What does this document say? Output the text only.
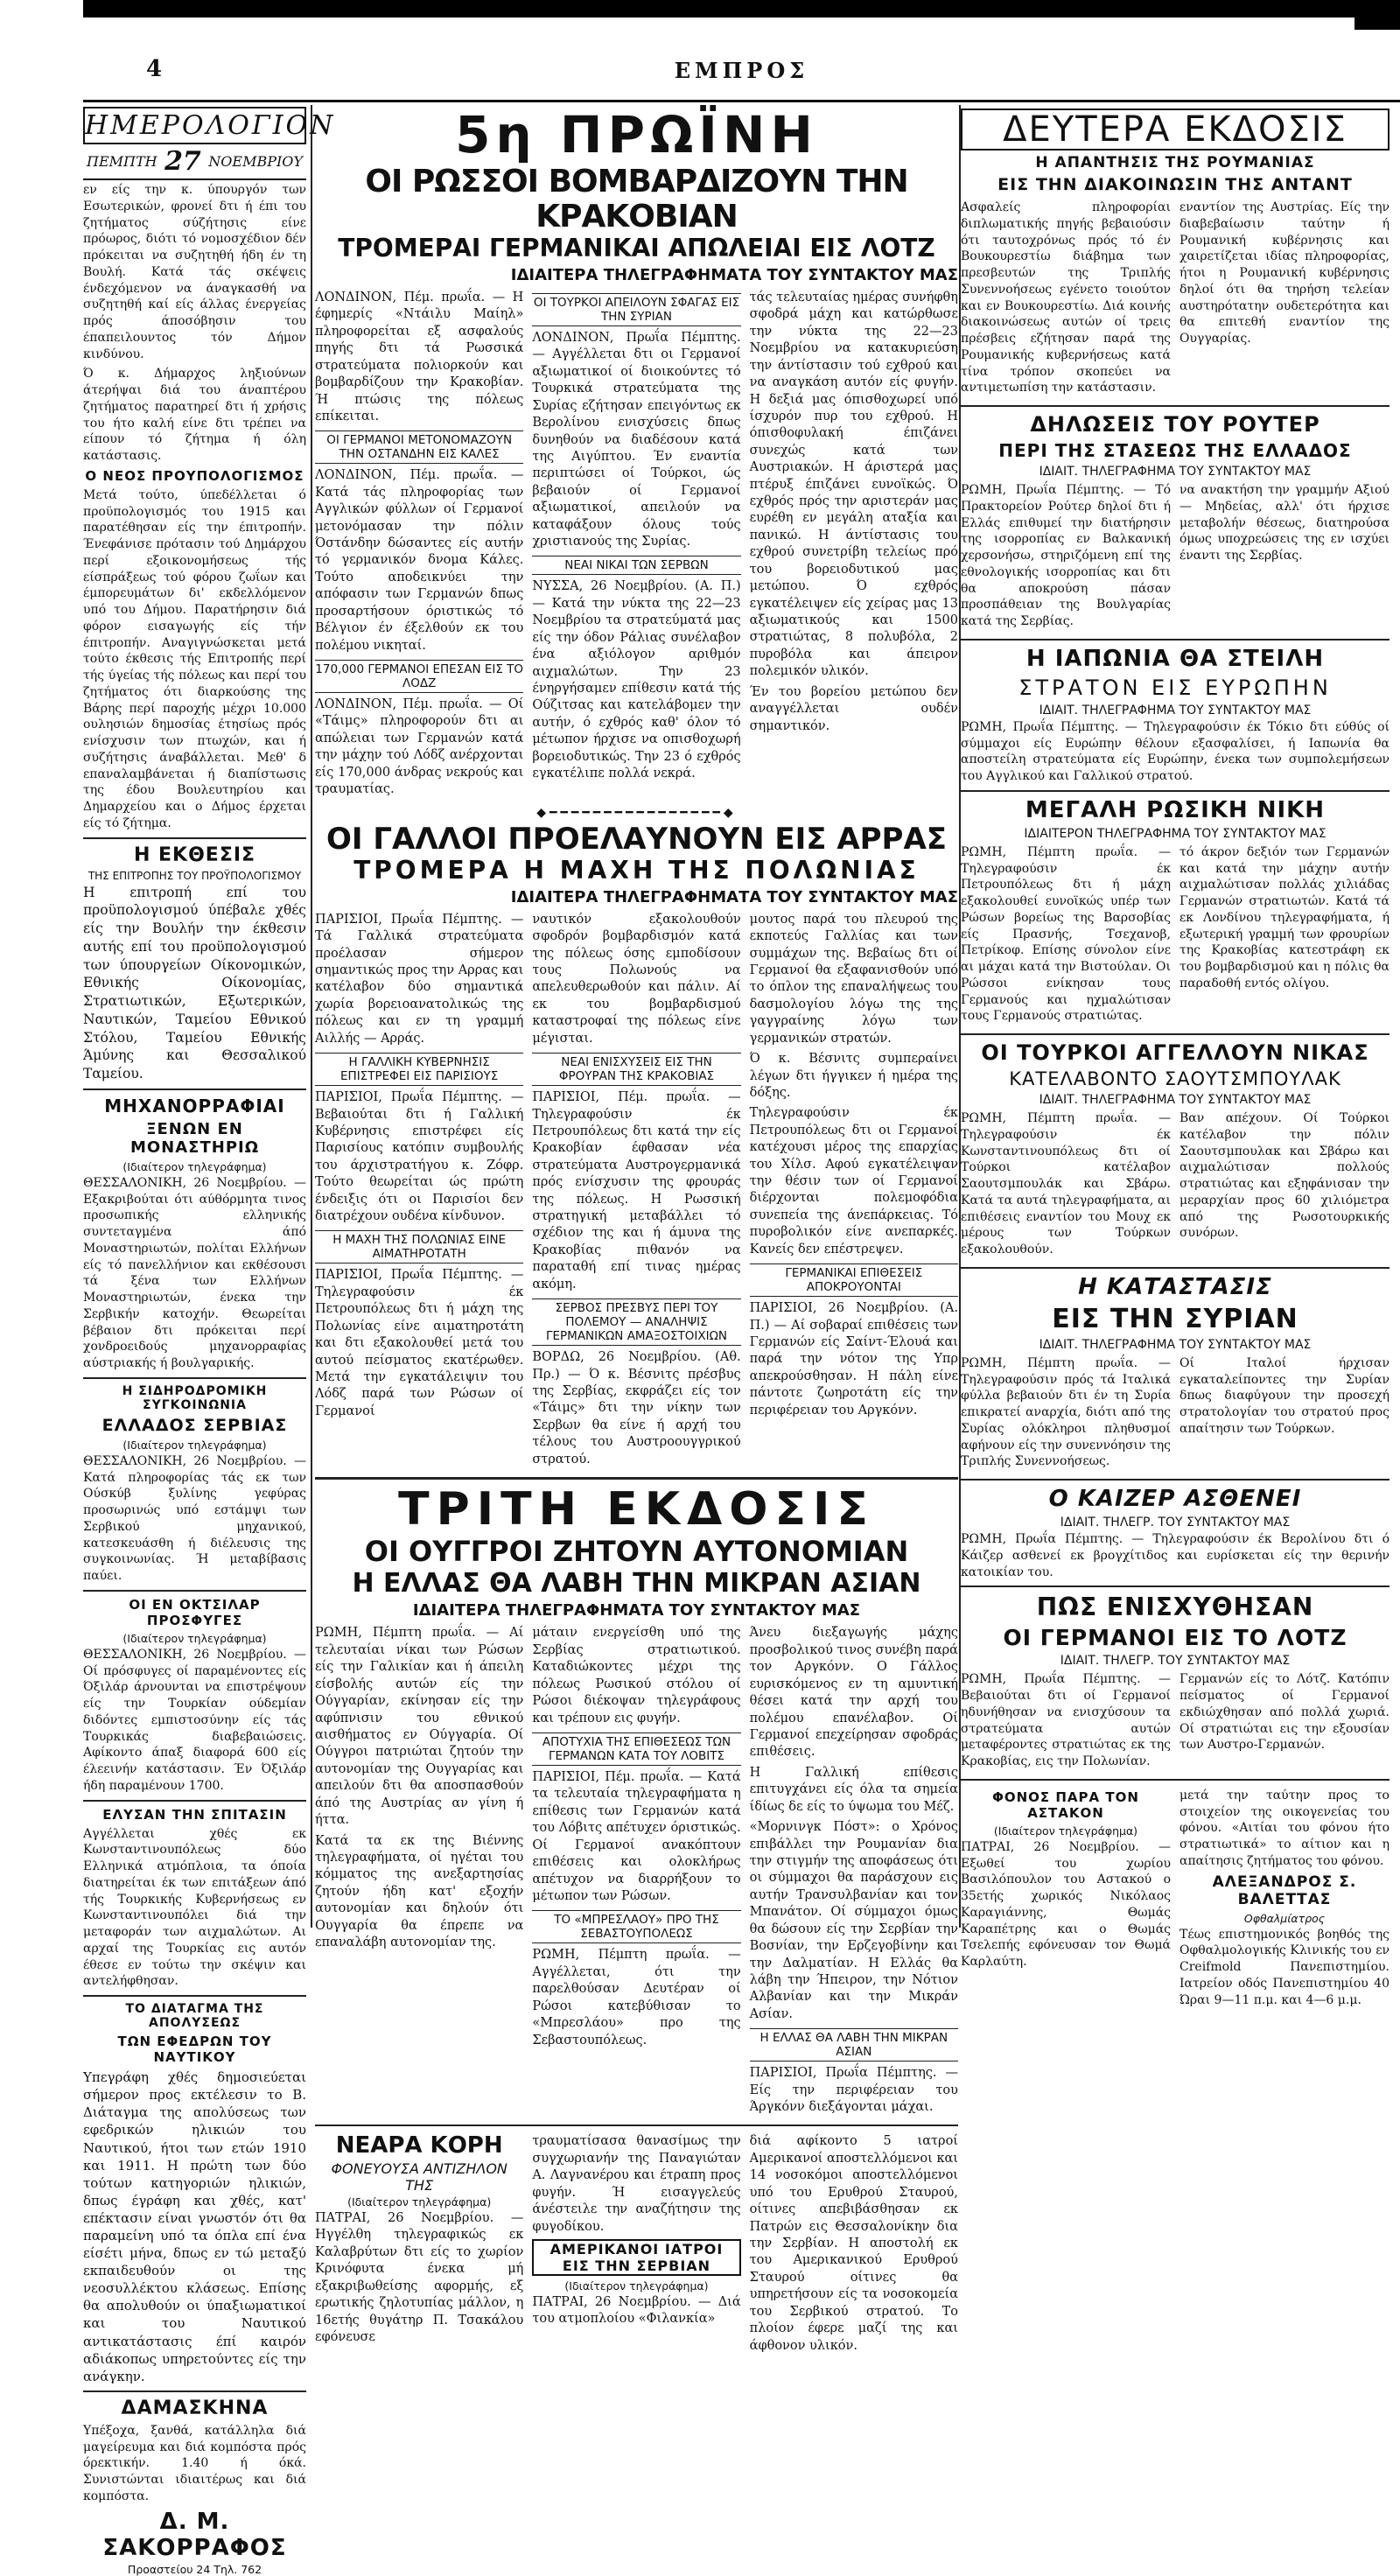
4	ΕΜΠΡΟΣ
ΗΜΕΡΟΛΟΓΙΟΝ
ΠΕΜΠΤΗ 27 ΝΟΕΜΒΡΙΟΥ

εν είς την κ. ύπουργόν των Εσωτερικών, φρονεί δτι ή έπι του ζητήματος σύζήτησις είνε πρόωρος, διότι τό νομοσχέδιον δέν πρόκειται να συζητηθή ήδη έν τη Βουλή. Κατά τάς σκέψεις ένδεχόμενον να άναγκασθή να συζητηθή καί είς άλλας ένεργείας πρός άποσόβησιν του έπαπειλουντος τόν Δήμον κινδύνου.

Ό κ. Δήμαρχος ληξιούνων άτερήψαι διά του άναπτέρου ζητήματος παρατηρεί δτι ή χρήσις του ήτο καλή είνε δτι τρέπει να είπουν τό ζήτημα ή όλη κατάστασις.

Ο ΝΕΟΣ ΠΡΟΥΠΟΛΟΓΙΣΜΟΣ

Μετά τούτο, ύπεδέλλεται ό προϋπολογισμός του 1915 και παρατέθησαν είς την έπιτροπήν. Ένεφάνισε πρότασιν τού Δημάρχου περί εξοικονομήσεως τής είσπράξεως τού φόρου ζωΐων και έμπορευμάτων δι' εκδελλόμενον υπό του Δήμου. Παρατήρησιν διά φόρον εισαγωγής είς τήν έπιτροπήν. Αναγιγνώσκεται μετά τούτο έκθεσις τής Επιτροπής περί τής ύγείας τής πόλεως και περί του ζητήματος ότι διαρκούσης της Βάρης περί παροχής μέχρι 10.000 ουλησιών δημοσίας έτησίως πρός ενίσχυσιν των πτωχών, και ή συζήτησις άναβάλλεται. Μεθ' δ επαναλαμβάνεται ή διαπίστωσις της έδου Βουλευτηρίου και Δημαρχείου και ο Δήμος έρχεται είς τό ζήτημα.

Η ΕΚΘΕΣΙΣ
ΤΗΣ ΕΠΙΤΡΟΠΗΣ ΤΟΥ ΠΡΟΫΠΟΛΟΓΙΣΜΟΥ

Η επιτροπή επί του προϋπολογισμού ύπέβαλε χθές είς την Βουλήν την έκθεσιν αυτής επί του προϋπολογισμού των ύπουργείων Οίκονομικών, Εθνικής Οίκονομίας, Στρατιωτικών, Εξωτερικών, Ναυτικών, Ταμείου Εθνικού Στόλου, Ταμείου Εθνικής Άμύνης και Θεσσαλικού Ταμείου.

ΜΗΧΑΝΟΡΡΑΦΙΑΙ
ΞΕΝΩΝ ΕΝ ΜΟΝΑΣΤΗΡΙΩ
(Ιδιαίτερον τηλεγράφημα)

ΘΕΣΣΑΛΟΝΙΚΗ, 26 Νοεμβρίου. — Εξακριβούται ότι αύθόρμητα τινος προσωπικής ελληνικής συντεταγμένα άπό Μοναστηριωτών, πολίται Ελλήνων είς τό πανελλήνιον και εκθέσουσι τά ξένα των Ελλήνων Μοναστηριωτών, ένεκα την Σερβικήν κατοχήν. Θεωρείται βέβαιον δτι πρόκειται περί χονδροειδούς μηχανορραφίας αύστριακής ή βουλγαρικής.

Η ΣΙΔΗΡΟΔΡΟΜΙΚΗ ΣΥΓΚΟΙΝΩΝΙΑ
ΕΛΛΑΔΟΣ ΣΕΡΒΙΑΣ
(Ιδιαίτερον τηλεγράφημα)

ΘΕΣΣΑΛΟΝΙΚΗ, 26 Νοεμβρίου. — Κατά πληροφορίας τάς εκ των Ούσκύβ ξυλίνης γεφύρας προσωρινώς υπό εστάμψι των Σερβικού μηχανικού, κατεσκευάσθη ή διέλευσις της συγκοινωνίας. Ή μεταβίβασις παύει.

ΟΙ ΕΝ ΟΚΤΣΙΛΑΡ ΠΡΟΣΦΥΓΕΣ
(Ιδιαίτερον τηλεγράφημα)

ΘΕΣΣΑΛΟΝΙΚΗ, 26 Νοεμβρίου. — Οί πρόσφυγες οί παραμένοντες είς Όξιλάρ άρνουνται να επιστρέψουν είς την Τουρκίαν ούδεμίαν διδόντες εμπιστοσύνην είς τάς Τουρκικάς διαβεβαιώσεις. Αφίκοντο άπαξ διαφορά 600 είς έλεεινήν κατάστασιν. Έν Όξιλάρ ήδη παραμένουν 1700.

ΕΛΥΣΑΝ ΤΗΝ ΣΠΙΤΑΣΙΝ

Αγγέλλεται χθές εκ Κωνσταντινουπόλεως δύο Ελληνικά ατμόπλοια, τα όποία διατηρείται έκ των επιτάξεων άπό τής Τουρκικής Κυβερνήσεως εν Κωνσταντινουπόλει διά την μεταφοράν των αιχμαλώτων. Αι αρχαί της Τουρκίας εις αυτόν έθεσε εν τούτω την σκέψιν και αντελήφθησαν.

ΤΟ ΔΙΑΤΑΓΜΑ ΤΗΣ ΑΠΟΛΥΣΕΩΣ
ΤΩΝ ΕΦΕΔΡΩΝ ΤΟΥ ΝΑΥΤΙΚΟΥ

Υπεγράφη χθές δημοσιεύεται σήμερον προς εκτέλεσιν το Β. Διάταγμα της απολύσεως των εφεδρικών ηλικιών του Ναυτικού, ήτοι των ετών 1910 και 1911. Η πρώτη των δύο τούτων κατηγοριών ηλικιών, δπως έγράφη και χθές, κατ' επέκτασιν είναι γνωστόν ότι θα παραμείνη υπό τα όπλα επί ένα είσέτι μήνα, δπως εν τώ μεταξύ εκπαιδευθούν οι της νεοσυλλέκτου κλάσεως. Επίσης θα απολυθούν οι ύπαξιωματικοί και του Ναυτικού αντικατάστασις έπί καιρόν αδιάκοπως υπηρετούντες είς την ανάγκην.

ΔΑΜΑΣΚΗΝΑ

Υπέξοχα, ξανθά, κατάλληλα διά μαγείρευμα και διά κομπόστα πρός όρεκτικήν. 1.40 ή όκά. Συνιστώνται ιδιαιτέρως και διά κομπόστα.

Δ. Μ. ΣΑΚΟΡΡΑΦΟΣ
Προαστείου 24 Τηλ. 762
5η ΠΡΩΪΝΗ
ΟΙ ΡΩΣΣΟΙ ΒΟΜΒΑΡΔΙΖΟΥΝ ΤΗΝ ΚΡΑΚΟΒΙΑΝ
ΤΡΟΜΕΡΑΙ ΓΕΡΜΑΝΙΚΑΙ ΑΠΩΛΕΙΑΙ ΕΙΣ ΛΟΤΖ
ΙΔΙΑΙΤΕΡΑ ΤΗΛΕΓΡΑΦΗΜΑΤΑ ΤΟΥ ΣΥΝΤΑΚΤΟΥ ΜΑΣ

ΛΟΝΔΙΝΟΝ, Πέμ. πρωΐα. — Η έφημερίς «Ντάιλυ Μαίηλ» πληροφορείται εξ ασφαλούς πηγής δτι τά Ρωσσικά στρατεύματα πολιορκούν και βομβαρδίζουν την Κρακοβίαν. Ή πτώσις της πόλεως επίκειται.

ΟΙ ΓΕΡΜΑΝΟΙ ΜΕΤΟΝΟΜΑΖΟΥΝ ΤΗΝ ΟΣΤΑΝΔΗΝ ΕΙΣ ΚΑΛΕΣ

ΛΟΝΔΙΝΟΝ, Πέμ. πρωΐα. — Κατά τάς πληροφορίας των Αγγλικών φύλλων οί Γερμανοί μετονόμασαν την πόλιν Όστάνδην δώσαντες είς αυτήν τό γερμανικόν δνομα Κάλες. Τούτο αποδεικνύει την απόφασιν των Γερμανών δπως προσαρτήσουν όριστικώς τό Βέλγιον έν έξελθούν εκ του πολέμου νικηταί.

170,000 ΓΕΡΜΑΝΟΙ ΕΠΕΣΑΝ ΕΙΣ ΤΟ ΛΟΔΖ

ΛΟΝΔΙΝΟΝ, Πέμ. πρωΐα. — Οί «Τάιμς» πληροφορούν δτι αι απώλειαι των Γερμανών κατά την μάχην τού Λόδζ ανέρχονται είς 170,000 άνδρας νεκρούς και τραυματίας.

ΟΙ ΤΟΥΡΚΟΙ ΑΠΕΙΛΟΥΝ ΣΦΑΓΑΣ ΕΙΣ ΤΗΝ ΣΥΡΙΑΝ

ΛΟΝΔΙΝΟΝ, Πρωΐα Πέμπτης. — Αγγέλλεται δτι οι Γερμανοί αξιωματικοί οί διοικούντες τό Τουρκικά στρατεύματα της Συρίας εζήτησαν επειγόντως εκ Βερολίνου ενισχύσεις δπως δυνηθούν να διαδέσουν κατά της Αιγύπτου. Έν εναντία περιπτώσει οί Τούρκοι, ώς βεβαιούν οί Γερμανοί αξιωματικοί, απειλούν να καταφάξουν όλους τούς χριστιανούς της Συρίας.

ΝΕΑΙ ΝΙΚΑΙ ΤΩΝ ΣΕΡΒΩΝ

ΝΥΣΣΑ, 26 Νοεμβρίου. (Α. Π.) — Κατά την νύκτα της 22—23 Νοεμβρίου τα στρατεύματά μας είς την όδον Ράλιας συνέλαβον ένα αξιόλογον αριθμόν αιχμαλώτων. Την 23 ένηργήσαμεν επίθεσιν κατά τής Ούζιτσας και κατελάβομεν την αυτήν, ό εχθρός καθ' όλον τό μέτωπον ήρχισε να οπισθοχωρή βορειοδυτικώς. Την 23 ό εχθρός εγκατέλιπε πολλά νεκρά.

τάς τελευταίας ημέρας συνήφθη σφοδρά μάχη και κατώρθωσε την νύκτα της 22—23 Νοεμβρίου να κατακυριεύση την άντίστασιν τού εχθρού και να αναγκάση αυτόν είς φυγήν. Η δεξιά μας όπισθοχωρεί υπό ίσχυρόν πυρ του εχθρού. Η όπισθοφυλακή έπιζάνει συνεχώς κατά των Αυστριακών. Η άριστερά μας πτέρυξ έπιζάνει ευνοϊκώς. Ό εχθρός πρός την αριστεράν μας ευρέθη εν μεγάλη αταξία και πανικώ. Η άντίστασις του εχθρού συνετρίβη τελείως πρό του βορειοδυτικού μας μετώπου. Ό εχθρός εγκατέλειψεν είς χείρας μας 13 αξιωματικούς και 1500 στρατιώτας, 8 πολυβόλα, 2 πυροβόλα και άπειρον πολεμικόν υλικόν.

Έν του βορείου μετώπου δεν αναγγέλλεται ουδέν σημαντικόν.

◆━━━━━━━━━━━━━━━━◆
ΟΙ ΓΑΛΛΟΙ ΠΡΟΕΛΑΥΝΟΥΝ ΕΙΣ ΑΡΡΑΣ
ΤΡΟΜΕΡΑ Η ΜΑΧΗ ΤΗΣ ΠΟΛΩΝΙΑΣ
ΙΔΙΑΙΤΕΡΑ ΤΗΛΕΓΡΑΦΗΜΑΤΑ ΤΟΥ ΣΥΝΤΑΚΤΟΥ ΜΑΣ

ΠΑΡΙΣΙΟΙ, Πρωΐα Πέμπτης. — Τά Γαλλικά στρατεύματα προέλασαν σήμερον σημαντικώς προς την Αρρας και κατέλαβον δύο σημαντικά χωρία βορειοανατολικώς της πόλεως και εν τη γραμμή Αιλλής — Αρράς.

Η ΓΑΛΛΙΚΗ ΚΥΒΕΡΝΗΣΙΣ ΕΠΙΣΤΡΕΦΕΙ ΕΙΣ ΠΑΡΙΣΙΟΥΣ

ΠΑΡΙΣΙΟΙ, Πρωΐα Πέμπτης. — Βεβαιούται δτι ή Γαλλική Κυβέρνησις επιστρέφει είς Παρισίους κατόπιν συμβουλής του άρχιστρατήγου κ. Ζόφρ. Τούτο θεωρείται ώς πρώτη ένδειξις ότι οι Παρισίοι δεν διατρέχουν ουδένα κίνδυνον.

Η ΜΑΧΗ ΤΗΣ ΠΟΛΩΝΙΑΣ ΕΙΝΕ ΑΙΜΑΤΗΡΟΤΑΤΗ

ΠΑΡΙΣΙΟΙ, Πρωΐα Πέμπτης. — Τηλεγραφούσιν έκ Πετρουπόλεως δτι ή μάχη της Πολωνίας είνε αιματηροτάτη και δτι εξακολουθεί μετά του αυτού πείσματος εκατέρωθεν. Μετά την εγκατάλειψιν του Λόδζ παρά των Ρώσων οί Γερμανοί

ναυτικόν εξακολουθούν σφοδρόν βομβαρδισμόν κατά της πόλεως όσης εμποδίσουν τους Πολωνούς να απελευθερωθούν και πάλιν. Αί εκ του βομβαρδισμού καταστροφαί της πόλεως είνε μέγισται.

ΝΕΑΙ ΕΝΙΣΧΥΣΕΙΣ ΕΙΣ ΤΗΝ ΦΡΟΥΡΑΝ ΤΗΣ ΚΡΑΚΟΒΙΑΣ

ΠΑΡΙΣΙΟΙ, Πέμ. πρωΐα. — Τηλεγραφούσιν έκ Πετρουπόλεως δτι κατά την είς Κρακοβίαν έφθασαν νέα στρατεύματα Αυστρογερμανικά πρός ενίσχυσιν της φρουράς της πόλεως. Η Ρωσσική στρατηγική μεταβάλλει τό σχέδιον της και ή άμυνα της Κρακοβίας πιθανόν να παραταθή επί τινας ημέρας ακόμη.

ΣΕΡΒΟΣ ΠΡΕΣΒΥΣ ΠΕΡΙ ΤΟΥ ΠΟΛΕΜΟΥ — ΑΝΑΛΗΨΙΣ ΓΕΡΜΑΝΙΚΩΝ ΑΜΑΞΟΣΤΟΙΧΙΩΝ

ΒΟΡΔΩ, 26 Νοεμβρίου. (Αθ. Πρ.) — Ό κ. Βέσνιτς πρέσβυς της Σερβίας, εκφράζει είς τον «Τάιμς» δτι την νίκην των Σερβων θα είνε ή αρχή του τέλους του Αυστροουγγρικού στρατού.

μουτος παρά του πλευρού της εκποτεύς Γαλλίας και των συμμάχων της. Βεβαίως δτι οί Γερμανοί θα εξαφανισθούν υπό το όπλον της επαναλήψεως του δασμολογίου λόγω της της γαγγραίνης λόγω των γερμανικών στρατών.

Ό κ. Βέσνιτς συμπεραίνει λέγων δτι ήγγικεν ή ημέρα της δόξης.

Τηλεγραφούσιν έκ Πετρουπόλεως δτι οι Γερμανοί κατέχουσι μέρος της επαρχίας του Χίλσ. Αφού εγκατέλειψαν την θέσιν των οί Γερμανοί διέρχονται πολεμοφόδια συνεπεία της άνεπάρκειας. Τό πυροβολικόν είνε ανεπαρκές. Κανείς δεν επέστρεψεν.

ΓΕΡΜΑΝΙΚΑΙ ΕΠΙΘΕΣΕΙΣ ΑΠΟΚΡΟΥΟΝΤΑΙ

ΠΑΡΙΣΙΟΙ, 26 Νοεμβρίου. (Α. Π.) — Αί σοβαραί επιθέσεις των Γερμανών είς Σαίντ-Έλουά και παρά την νότον της Υπρ απεκρούσθησαν. Η πάλη είνε πάντοτε ζωηροτάτη είς την περιφέρειαν του Αργκόνν.

ΤΡΙΤΗ ΕΚΔΟΣΙΣ
ΟΙ ΟΥΓΓΡΟΙ ΖΗΤΟΥΝ ΑΥΤΟΝΟΜΙΑΝ
Η ΕΛΛΑΣ ΘΑ ΛΑΒΗ ΤΗΝ ΜΙΚΡΑΝ ΑΣΙΑΝ
ΙΔΙΑΙΤΕΡΑ ΤΗΛΕΓΡΑΦΗΜΑΤΑ ΤΟΥ ΣΥΝΤΑΚΤΟΥ ΜΑΣ

ΡΩΜΗ, Πέμπτη πρωΐα. — Αί τελευταίαι νίκαι των Ρώσων είς την Γαλικίαν και ή άπειλη είσβολής αυτών είς την Ούγγαρίαν, εκίνησαν είς την αφύπνισιν του εθνικού αισθήματος εν Ούγγαρία. Οί Ούγγροι πατριώται ζητούν την αυτονομίαν της Ουγγαρίας και απειλούν δτι θα αποσπασθούν άπό της Αυστρίας αν γίνη ή ήττα.

Κατά τα εκ της Βιέννης τηλεγραφήματα, οί ηγέται του κόμματος της ανεξαρτησίας ζητούν ήδη κατ' εξοχήν αυτονομίαν και δηλούν ότι Ουγγαρία θα έπρεπε να επαναλάβη αυτονομίαν της.

μάταιν ενεργείσθη υπό της Σερβίας στρατιωτικού. Καταδιώκοντες μέχρι της πόλεως Ρωσικού στόλου οί Ρώσοι διέκοψαν τηλεγράφους και τρέπουν εις φυγήν.

ΑΠΟΤΥΧΙΑ ΤΗΣ ΕΠΙΘΕΣΕΩΣ ΤΩΝ ΓΕΡΜΑΝΩΝ ΚΑΤΑ ΤΟΥ ΛΟΒΙΤΣ

ΠΑΡΙΣΙΟΙ, Πέμ. πρωΐα. — Κατά τα τελευταία τηλεγραφήματα η επίθεσις των Γερμανών κατά του Λόβιτς απέτυχεν όριστικώς. Οί Γερμανοί ανακόπτουν επιθέσεις και ολοκλήρως απέτυχον να διαρρήξουν το μέτωπον των Ρώσων.

ΤΟ «ΜΠΡΕΣΛΑΟΥ» ΠΡΟ ΤΗΣ ΣΕΒΑΣΤΟΥΠΟΛΕΩΣ

ΡΩΜΗ, Πέμπτη πρωΐα. — Αγγέλλεται, ότι την παρελθούσαν Δευτέραν οί Ρώσοι κατεβύθισαν το «Μπρεσλάου» προ της Σεβαστουπόλεως.

Άνευ διεξαγωγής μάχης προσβολικού τινος συνέβη παρά τον Αργκόνν. Ο Γάλλος ευρισκόμενος εν τη αμυντική θέσει κατά την αρχή του πολέμου επανέλαβον. Οί Γερμανοί επεχείρησαν σφοδράς επιθέσεις.

Η Γαλλική επίθεσις επιτυγχάνει είς όλα τα σημεία ίδίως δε είς το ύψωμα του Μέζ.

«Μορνινγκ Πόστ»: ο Χρόνος επιβάλλει την Ρουμανίαν δια την στιγμήν της αποφάσεως ότι οι σύμμαχοι θα παράσχουν εις αυτήν Τρανσυλβανίαν και τον Μπανάτον. Οί σύμμαχοι όμως θα δώσουν είς την Σερβίαν την Βοσνίαν, την Ερζεγοβίνην και την Δαλματίαν. Η Ελλάς θα λάβη την Ήπειρον, την Νότιον Αλβανίαν και την Μικράν Ασίαν.

Η ΕΛΛΑΣ ΘΑ ΛΑΒΗ ΤΗΝ ΜΙΚΡΑΝ ΑΣΙΑΝ

ΠΑΡΙΣΙΟΙ, Πρωΐα Πέμπτης. — Είς την περιφέρειαν του Άργκόνν διεξάγονται μάχαι.

ΝΕΑΡΑ ΚΟΡΗ
ΦΟΝΕΥΟΥΣΑ ΑΝΤΙΖΗΛΟΝ ΤΗΣ
(Ιδιαίτερον τηλεγράφημα)

ΠΑΤΡΑΙ, 26 Νοεμβρίου. — Ηγγέλθη τηλεγραφικώς εκ Καλαβρύτων δτι είς το χωρίον Κρινόφυτα ένεκα μή εξακριβωθείσης αφορμής, εξ ερωτικής ζηλοτυπίας μάλλον, η 16ετής θυγάτηρ Π. Τσακάλου εφόνευσε

τραυματίσασα θανασίμως την συγχωριανήν της Παναγιώταν Α. Λαγνανέρου και έτραπη προς φυγήν. Ή εισαγγελεύς άνέστειλε την αναζήτησιν της φυγοδίκου.

ΑΜΕΡΙΚΑΝΟΙ ΙΑΤΡΟΙ ΕΙΣ ΤΗΝ ΣΕΡΒΙΑΝ
(Ιδιαίτερον τηλεγράφημα)

ΠΑΤΡΑΙ, 26 Νοεμβρίου. — Διά του ατμοπλοίου «Φιλανκία»

διά αφίκοντο 5 ιατροί Αμερικανοί αποστελλόμενοι και 14 νοσοκόμοι αποστελλόμενοι υπό του Ερυθρού Σταυρού, οίτινες απεβιβάσθησαν εκ Πατρών εις Θεσσαλονίκην δια την Σερβίαν. Η αποστολή εκ του Αμερικανικού Ερυθρού Σταυρού οίτινες θα υπηρετήσουν είς τα νοσοκομεία του Σερβικού στρατού. Το πλοίον έφερε μαζί της και άφθονον υλικόν.

ΔΕΥΤΕΡΑ ΕΚΔΟΣΙΣ
Η ΑΠΑΝΤΗΣΙΣ ΤΗΣ ΡΟΥΜΑΝΙΑΣ
ΕΙΣ ΤΗΝ ΔΙΑΚΟΙΝΩΣΙΝ ΤΗΣ ΑΝΤΑΝΤ

Ασφαλείς πληροφορίαι διπλωματικής πηγής βεβαιούσιν ότι ταυτοχρόνως πρός τό έν Βουκουρεστίω διάβημα των πρεσβευτών της Τριπλής Συνεννοήσεως εγένετο τοιούτον και εν Βουκουρεστίω. Διά κοινής διακοινώσεως αυτών οί τρεις πρέσβεις εζήτησαν παρά της Ρουμανικής κυβερνήσεως κατά τίνα τρόπον σκοπεύει να αντιμετωπίση την κατάστασιν.

εναντίον της Αυστρίας. Είς την διαβεβαίωσιν ταύτην ή Ρουμανική κυβέρνησις και χαιρετίζεται ιδίας πληροφορίας, ήτοι η Ρουμανική κυβέρνησις δηλοί ότι θα τηρήση τελείαν αυστηρότατην ουδετερότητα και θα επιτεθή εναντίον της Ουγγαρίας.

ΔΗΛΩΣΕΙΣ ΤΟΥ ΡΟΥΤΕΡ
ΠΕΡΙ ΤΗΣ ΣΤΑΣΕΩΣ ΤΗΣ ΕΛΛΑΔΟΣ
ΙΔΙΑΙΤ. ΤΗΛΕΓΡΑΦΗΜΑ ΤΟΥ ΣΥΝΤΑΚΤΟΥ ΜΑΣ

ΡΩΜΗ, Πρωΐα Πέμπτης. — Τό Πρακτορείον Ρούτερ δηλοί δτι ή Ελλάς επιθυμεί την διατήρησιν της ισορροπίας εν Βαλκανική χερσονήσω, στηριζόμενη επί της εθνολογικής ισορροπίας και δτι θα αποκρούση πάσαν προσπάθειαν της Βουλγαρίας κατά της Σερβίας.

να ανακτήση την γραμμήν Αξιού — Μηδείας, αλλ' ότι ήρχισε μεταβολήν θέσεως, διατηρούσα όμως υποχρεώσεις της εν ισχύει έναντι της Σερβίας.

Η ΙΑΠΩΝΙΑ ΘΑ ΣΤΕΙΛΗ
ΣΤΡΑΤΟΝ ΕΙΣ ΕΥΡΩΠΗΝ
ΙΔΙΑΙΤ. ΤΗΛΕΓΡΑΦΗΜΑ ΤΟΥ ΣΥΝΤΑΚΤΟΥ ΜΑΣ

ΡΩΜΗ, Πρωΐα Πέμπτης. — Τηλεγραφούσιν έκ Τόκιο δτι εύθύς οί σύμμαχοι είς Ευρώπην θέλουν εξασφαλίσει, ή Ιαπωνία θα αποστείλη στρατεύματα είς Ευρώπην, ένεκα των συμπολεμήσεων του Αγγλικού και Γαλλικού στρατού.

ΜΕΓΑΛΗ ΡΩΣΙΚΗ ΝΙΚΗ
ΙΔΙΑΙΤΕΡΟΝ ΤΗΛΕΓΡΑΦΗΜΑ ΤΟΥ ΣΥΝΤΑΚΤΟΥ ΜΑΣ

ΡΩΜΗ, Πέμπτη πρωΐα. — Τηλεγραφούσιν έκ Πετρουπόλεως δτι ή μάχη εξακολουθεί ευνοϊκώς υπέρ των Ρώσων βορείως της Βαρσοβίας είς Πρασνής, Τσεχανοβ, Πετρίκοφ. Επίσης σύνολον είνε αι μάχαι κατά την Βιστούλαν. Οι Ρώσσοι ενίκησαν τους Γερμανούς και ηχμαλώτισαν τους Γερμανούς στρατιώτας.

τό άκρον δεξιόν των Γερμανών και κατά την μάχην αυτήν αιχμαλώτισαν πολλάς χιλιάδας Γερμανών στρατιωτών. Κατά τά εκ Λονδίνου τηλεγραφήματα, ή εξωτερική γραμμή των φρουρίων της Κρακοβίας κατεστράφη εκ του βομβαρδισμού και η πόλις θα παραδοθή εντός ολίγου.

ΟΙ ΤΟΥΡΚΟΙ ΑΓΓΕΛΛΟΥΝ ΝΙΚΑΣ
ΚΑΤΕΛΑΒΟΝΤΟ ΣΑΟΥΤΣΜΠΟΥΛΑΚ
ΙΔΙΑΙΤ. ΤΗΛΕΓΡΑΦΗΜΑ ΤΟΥ ΣΥΝΤΑΚΤΟΥ ΜΑΣ

ΡΩΜΗ, Πέμπτη πρωΐα. — Τηλεγραφούσιν έκ Κωνσταντινουπόλεως δτι οί Τούρκοι κατέλαβον Σαουτσμπουλάκ και Σβάρω. Κατά τα αυτά τηλεγραφήματα, αι επιθέσεις εναντίον του Μουχ εκ μέρους των Τούρκων εξακολουθούν.

Βαν απέχουν. Οί Τούρκοι κατέλαβον την πόλιν Σαουτσμπουλακ και Σβάρω και αιχμαλώτισαν πολλούς στρατιώτας και εξηφάνισαν την μεραρχίαν προς 60 χιλιόμετρα από της Ρωσοτουρκικής συνόρων.

Η ΚΑΤΑΣΤΑΣΙΣ
ΕΙΣ ΤΗΝ ΣΥΡΙΑΝ
ΙΔΙΑΙΤ. ΤΗΛΕΓΡΑΦΗΜΑ ΤΟΥ ΣΥΝΤΑΚΤΟΥ ΜΑΣ

ΡΩΜΗ, Πέμπτη πρωΐα. — Τηλεγραφούσιν πρός τά Ιταλικά φύλλα βεβαιούν δτι έν τη Συρία επικρατεί αναρχία, διότι από της Συρίας ολόκληροι πληθυσμοί αφήνουν είς την συνεννόησιν της Τριπλής Συνεννοήσεως.

Οί Ιταλοί ήρχισαν εγκαταλείποντες την Συρίαν δπως διαφύγουν την προσεχή στρατολογίαν του στρατού προς απαίτησιν των Τούρκων.

Ο ΚΑΙΖΕΡ ΑΣΘΕΝΕΙ
ΙΔΙΑΙΤ. ΤΗΛΕΓΡ. ΤΟΥ ΣΥΝΤΑΚΤΟΥ ΜΑΣ

ΡΩΜΗ, Πρωΐα Πέμπτης. — Τηλεγραφούσιν έκ Βερολίνου δτι ό Κάιζερ ασθενεί εκ βρογχίτιδος και ευρίσκεται είς την θερινήν κατοικίαν του.

ΠΩΣ ΕΝΙΣΧΥΘΗΣΑΝ
ΟΙ ΓΕΡΜΑΝΟΙ ΕΙΣ ΤΟ ΛΟΤΖ
ΙΔΙΑΙΤ. ΤΗΛΕΓΡ. ΤΟΥ ΣΥΝΤΑΚΤΟΥ ΜΑΣ

ΡΩΜΗ, Πρωΐα Πέμπτης. — Βεβαιούται δτι οί Γερμανοί ηδυνήθησαν να ενισχύσουν τα στρατεύματα αυτών μεταφέροντες στρατιώτας εκ της Κρακοβίας, εις την Πολωνίαν.

Γερμανών είς το Λότζ. Κατόπιν πείσματος οί Γερμανοί εκδιώχθησαν από πολλά χωριά. Οί στρατιώται εις την εξουσίαν των Αυστρο-Γερμανών.

ΦΟΝΟΣ ΠΑΡΑ ΤΟΝ ΑΣΤΑΚΟΝ
(Ιδιαίτερον τηλεγράφημα)

ΠΑΤΡΑΙ, 26 Νοεμβρίου. — Εξωθεί του χωρίου Βασιλόπουλον του Αστακού ο 35ετής χωρικός Νικόλαος Καραγιάννης, Θωμάς Καραπέτρης και ο Θωμάς Τσελεπής εφόνευσαν τον Θωμά Καρλαύτη.

μετά την ταύτην προς το στοιχείον της οικογενείας του φόνου. «Αιτίαι του φόνου ήτο στρατιωτικά» το αίτιον και η απαίτησις ζητήματος του φόνου.

ΑΛΕΞΑΝΔΡΟΣ Σ. ΒΑΛΕΤΤΑΣ
Οφθαλμίατρος

Τέως επιστημονικός βοηθός της Οφθαλμολογικής Κλινικής του εν Creifmold Πανεπιστημίου. Ιατρείον οδός Πανεπιστημίου 40 Ώραι 9—11 π.μ. και 4—6 μ.μ.
